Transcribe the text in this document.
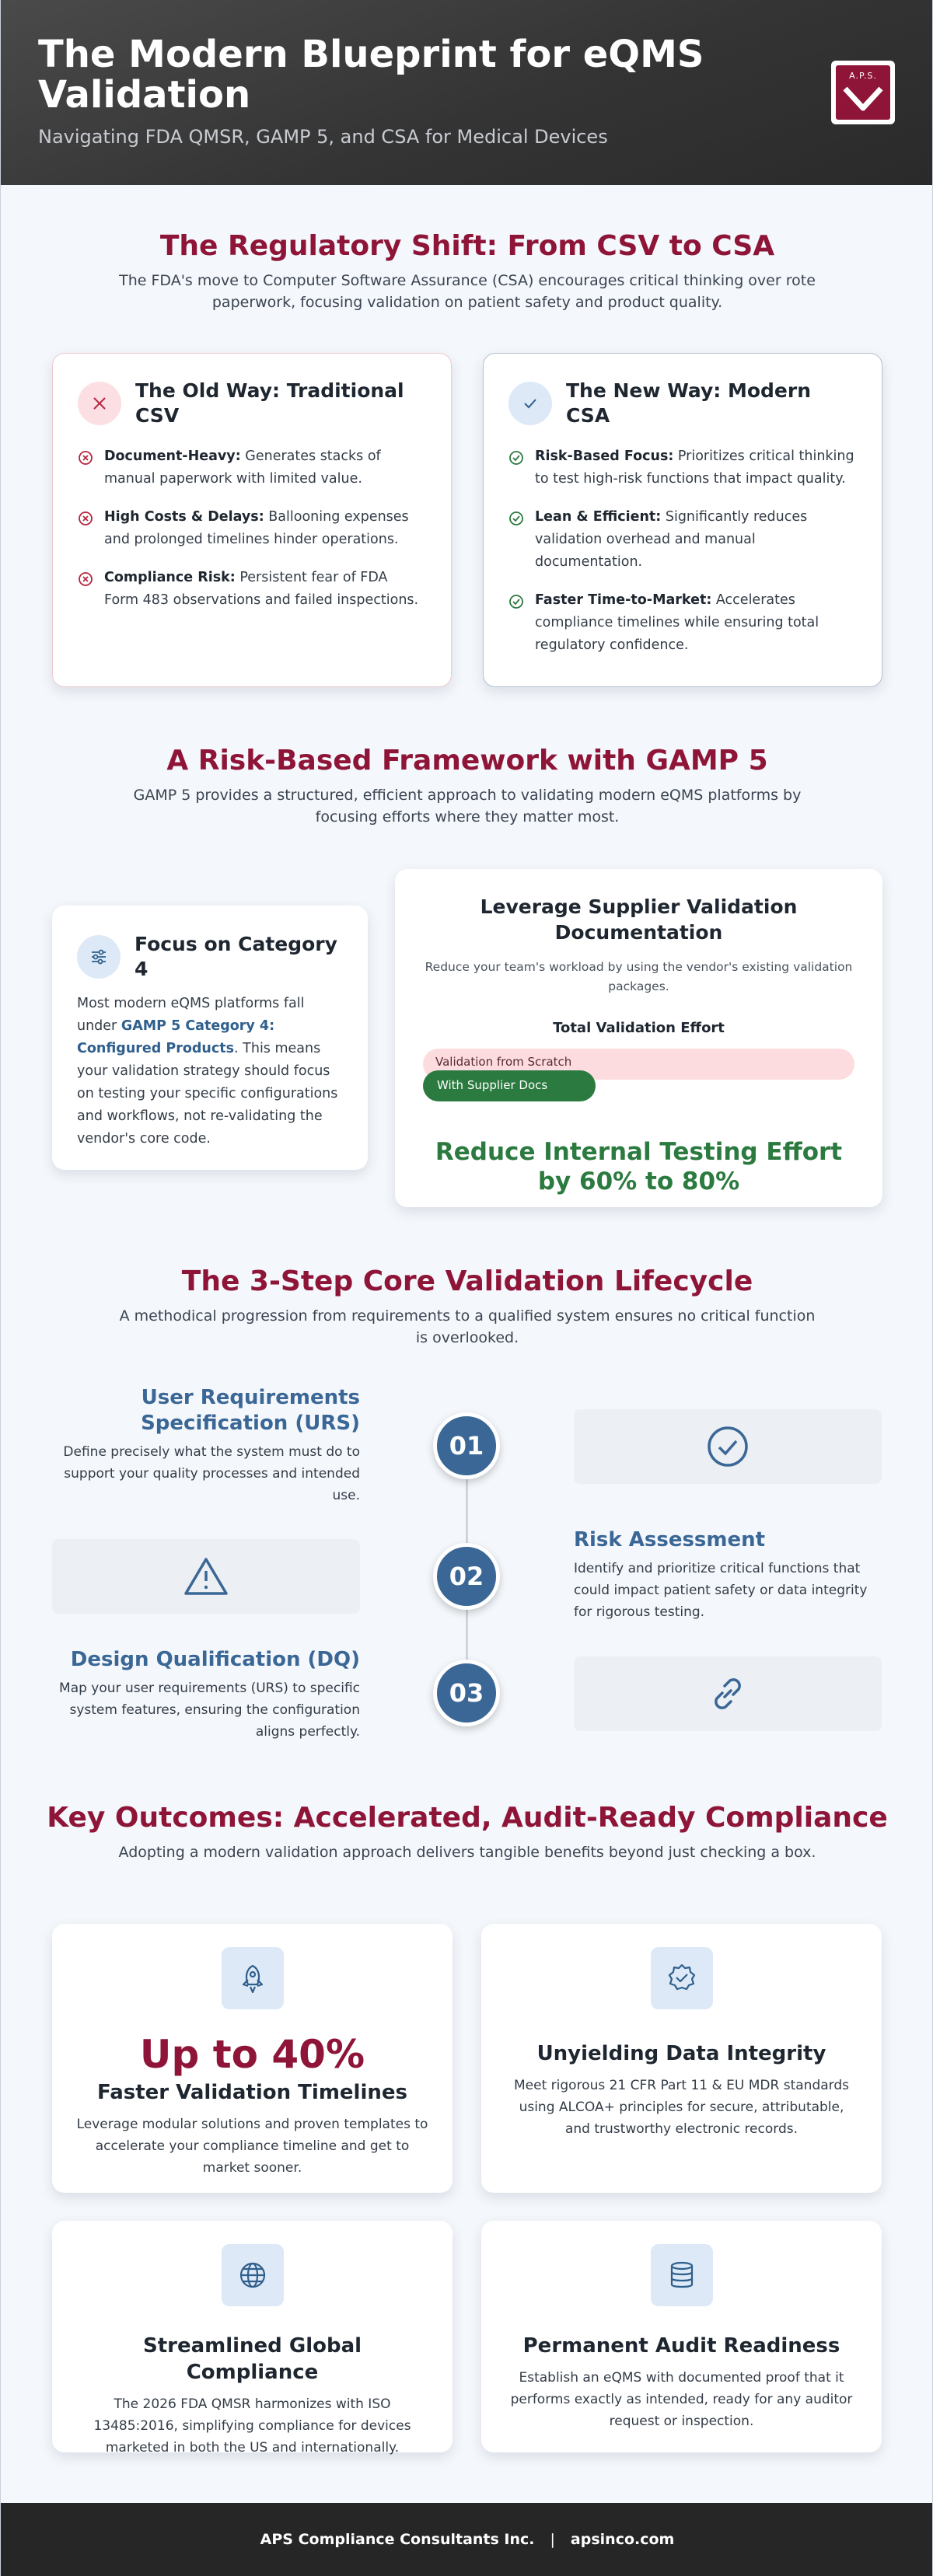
The Modern Blueprint for eQMS Validation
Navigating FDA QMSR, GAMP 5, and CSA for Medical Devices
A.P.S.
The Regulatory Shift: From CSV to CSA
The FDA's move to Computer Software Assurance (CSA) encourages critical thinking over rote paperwork, focusing validation on patient safety and product quality.
The Old Way: Traditional CSV
Document-Heavy: Generates stacks of manual paperwork with limited value.
High Costs & Delays: Ballooning expenses and prolonged timelines hinder operations.
Compliance Risk: Persistent fear of FDA Form 483 observations and failed inspections.
The New Way: Modern CSA
Risk-Based Focus: Prioritizes critical thinking to test high-risk functions that impact quality.
Lean & Efficient: Significantly reduces validation overhead and manual documentation.
Faster Time-to-Market: Accelerates compliance timelines while ensuring total regulatory confidence.
A Risk-Based Framework with GAMP 5
GAMP 5 provides a structured, efficient approach to validating modern eQMS platforms by focusing efforts where they matter most.
Focus on Category 4
Most modern eQMS platforms fall under GAMP 5 Category 4: Configured Products. This means your validation strategy should focus on testing your specific configurations and workflows, not re-validating the vendor's core code.
Leverage Supplier Validation Documentation
Reduce your team's workload by using the vendor's existing validation packages.
Total Validation Effort
Validation from Scratch
With Supplier Docs
Reduce Internal Testing Effort by 60% to 80%
The 3-Step Core Validation Lifecycle
A methodical progression from requirements to a qualified system ensures no critical function is overlooked.
User Requirements Specification (URS)
Define precisely what the system must do to support your quality processes and intended use.
01
02
Risk Assessment
Identify and prioritize critical functions that could impact patient safety or data integrity for rigorous testing.
Design Qualification (DQ)
Map your user requirements (URS) to specific system features, ensuring the configuration aligns perfectly.
03
Key Outcomes: Accelerated, Audit-Ready Compliance
Adopting a modern validation approach delivers tangible benefits beyond just checking a box.
Up to 40%
Faster Validation Timelines
Leverage modular solutions and proven templates to accelerate your compliance timeline and get to market sooner.
Unyielding Data Integrity
Meet rigorous 21 CFR Part 11 & EU MDR standards using ALCOA+ principles for secure, attributable, and trustworthy electronic records.
Streamlined Global Compliance
The 2026 FDA QMSR harmonizes with ISO 13485:2016, simplifying compliance for devices marketed in both the US and internationally.
Permanent Audit Readiness
Establish an eQMS with documented proof that it performs exactly as intended, ready for any auditor request or inspection.
APS Compliance Consultants Inc. | apsinco.com
